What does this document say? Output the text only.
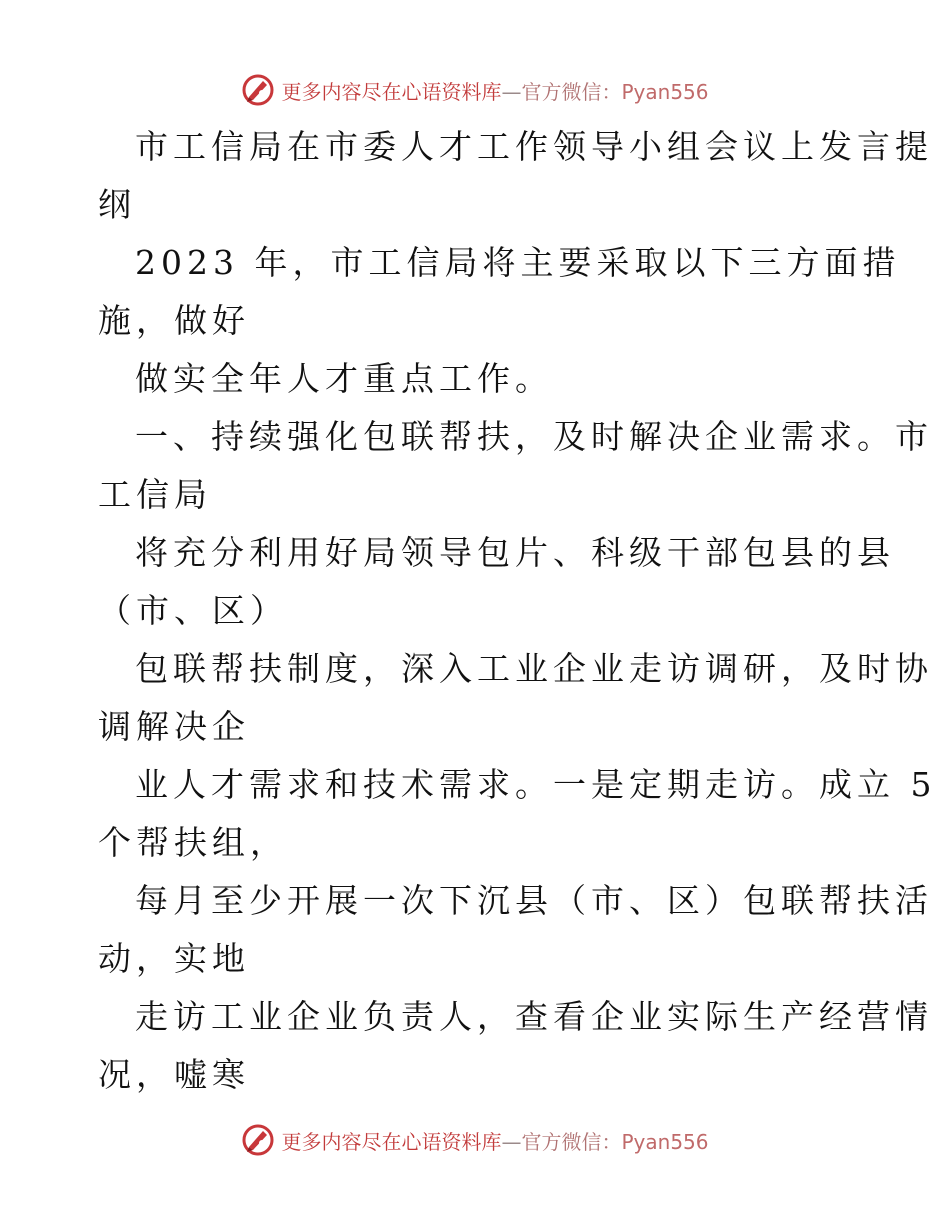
更多内容尽在心语资料库—官方微信：Pyan556

市工信局在市委人才工作领导小组会议上发言提

纲

2023 年，市工信局将主要采取以下三方面措

施，做好

做实全年人才重点工作。

一、持续强化包联帮扶，及时解决企业需求。市

工信局

将充分利用好局领导包片、科级干部包县的县

（市、区）

包联帮扶制度，深入工业企业走访调研，及时协

调解决企

业人才需求和技术需求。一是定期走访。成立 5

个帮扶组，

每月至少开展一次下沉县（市、区）包联帮扶活

动，实地

走访工业企业负责人，查看企业实际生产经营情

况，嘘寒

更多内容尽在心语资料库—官方微信：Pyan556
